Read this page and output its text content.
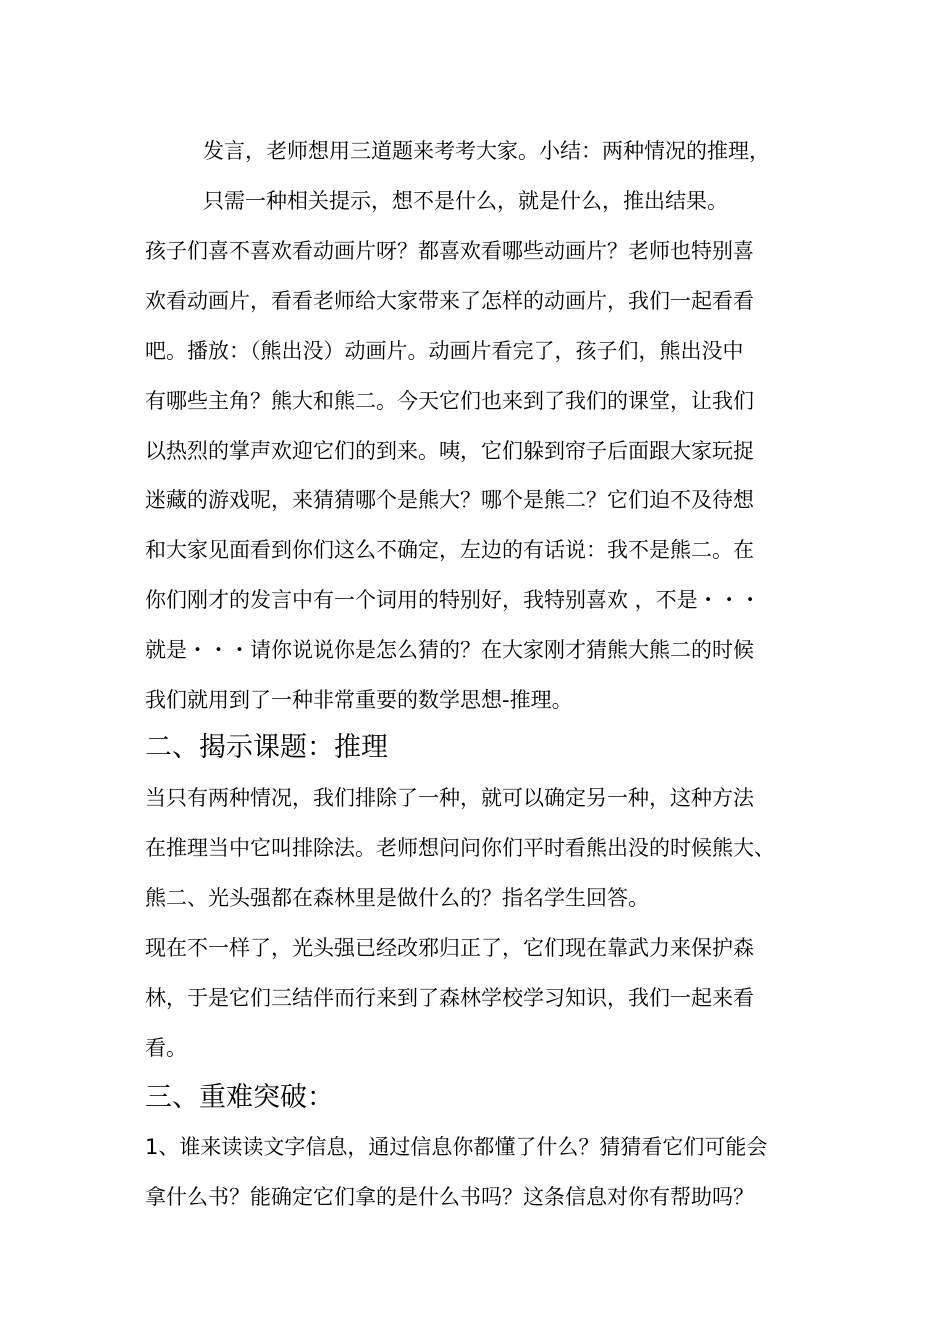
发言，老师想用三道题来考考大家。小结：两种情况的推理，
只需一种相关提示，想不是什么，就是什么，推出结果。
孩子们喜不喜欢看动画片呀？都喜欢看哪些动画片？老师也特别喜
欢看动画片，看看老师给大家带来了怎样的动画片，我们一起看看
吧。播放：（熊出没）动画片。动画片看完了，孩子们，熊出没中
有哪些主角？熊大和熊二。今天它们也来到了我们的课堂，让我们
以热烈的掌声欢迎它们的到来。咦，它们躲到帘子后面跟大家玩捉
迷藏的游戏呢，来猜猜哪个是熊大？哪个是熊二？它们迫不及待想
和大家见面看到你们这么不确定，左边的有话说：我不是熊二。在
你们刚才的发言中有一个词用的特别好，我特别喜欢 ，不是・・・
就是・・・请你说说你是怎么猜的？在大家刚才猜熊大熊二的时候
我们就用到了一种非常重要的数学思想-推理。
二、揭示课题：推理
当只有两种情况，我们排除了一种，就可以确定另一种，这种方法
在推理当中它叫排除法。老师想问问你们平时看熊出没的时候熊大、
熊二、光头强都在森林里是做什么的？指名学生回答。
现在不一样了，光头强已经改邪归正了，它们现在靠武力来保护森
林，于是它们三结伴而行来到了森林学校学习知识，我们一起来看
看。
三、重难突破：
1、谁来读读文字信息，通过信息你都懂了什么？猜猜看它们可能会
拿什么书？能确定它们拿的是什么书吗？这条信息对你有帮助吗？
